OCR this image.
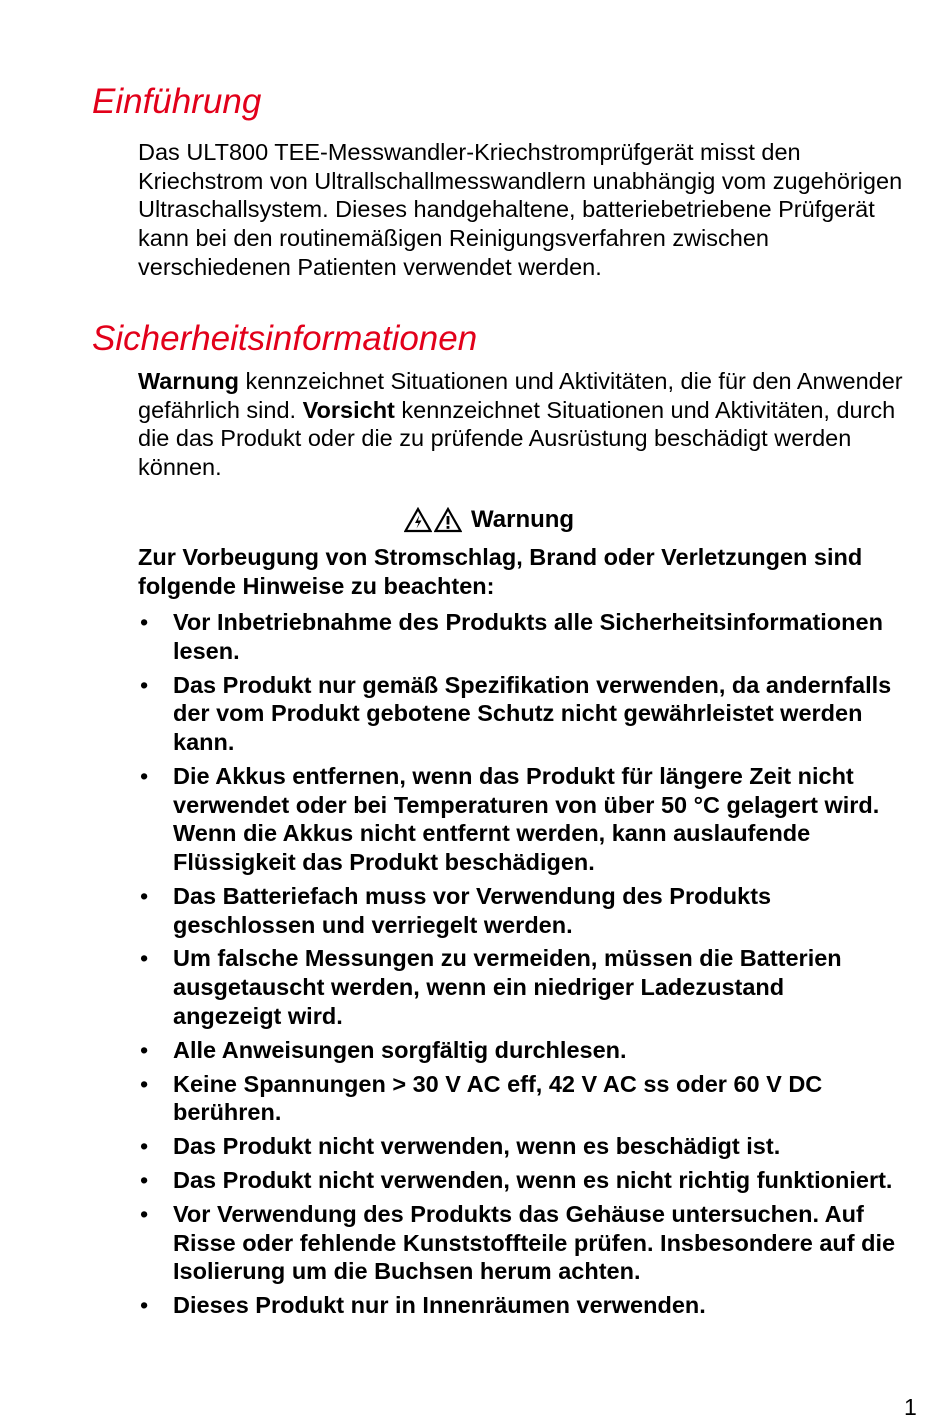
Einführung

Das ULT800 TEE-Messwandler-Kriechstromprüfgerät misst den Kriechstrom von Ultrallschallmesswandlern unabhängig vom zugehörigen Ultraschallsystem. Dieses handgehaltene, batteriebetriebene Prüfgerät kann bei den routinemäßigen Reinigungsverfahren zwischen verschiedenen Patienten verwendet werden.

Sicherheitsinformationen

Warnung kennzeichnet Situationen und Aktivitäten, die für den Anwender gefährlich sind. Vorsicht kennzeichnet Situationen und Aktivitäten, durch die das Produkt oder die zu prüfende Ausrüstung beschädigt werden können.

Warnung

Zur Vorbeugung von Stromschlag, Brand oder Verletzungen sind folgende Hinweise zu beachten:

• Vor Inbetriebnahme des Produkts alle Sicherheitsinformationen lesen.
• Das Produkt nur gemäß Spezifikation verwenden, da andernfalls der vom Produkt gebotene Schutz nicht gewährleistet werden kann.
• Die Akkus entfernen, wenn das Produkt für längere Zeit nicht verwendet oder bei Temperaturen von über 50 °C gelagert wird. Wenn die Akkus nicht entfernt werden, kann auslaufende Flüssigkeit das Produkt beschädigen.
• Das Batteriefach muss vor Verwendung des Produkts geschlossen und verriegelt werden.
• Um falsche Messungen zu vermeiden, müssen die Batterien ausgetauscht werden, wenn ein niedriger Ladezustand angezeigt wird.
• Alle Anweisungen sorgfältig durchlesen.
• Keine Spannungen > 30 V AC eff, 42 V AC ss oder 60 V DC berühren.
• Das Produkt nicht verwenden, wenn es beschädigt ist.
• Das Produkt nicht verwenden, wenn es nicht richtig funktioniert.
• Vor Verwendung des Produkts das Gehäuse untersuchen. Auf Risse oder fehlende Kunststoffteile prüfen. Insbesondere auf die Isolierung um die Buchsen herum achten.
• Dieses Produkt nur in Innenräumen verwenden.
1
